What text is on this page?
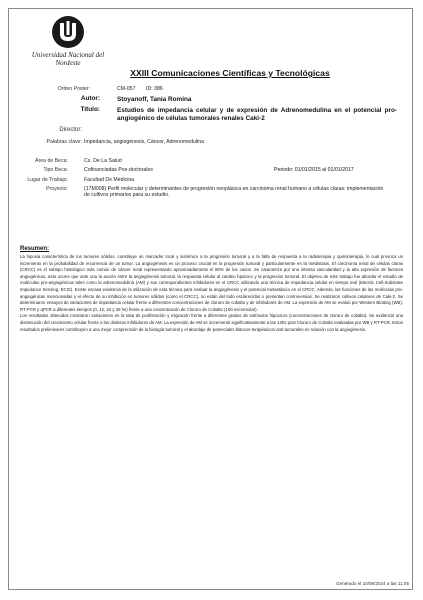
Universidad Nacional del Nordeste
XXIII Comunicaciones Científicas y Tecnológicas
Orden Poster:	CM-057 ID: 386
Autor:	Stoyanoff, Tania Romina
Título:	Estudios de impedancia celular y de expresión de Adrenomedulina en el potencial pro-angiogénico de células tumorales renales Caki-2
Director:
Palabras clave: Impedancia, angiogénesis, Cáncer, Adrenomedulina
Área de Beca:	Cs. De La Salud
Tipo Beca:	Cofinanciadas Pos-doctorales	Periodo: 01/01/2015 al 01/01/2017
Lugar de Trabajo:	Facultad De Medicina
Proyecto:	(17M008) Perfil molecular y determinantes de progresión neoplásica en carcinoma renal humano a células claras: implementación de cultivos primarios para su estudio.
Resumen:

La hipoxia característica de los tumores sólidos, constituye un marcador local y sistémico a la progresión tumoral y a la falta de respuesta a la radioterapia y quimioterapia, lo cual provoca un incremento en la probabilidad de recurrencia de un tumor. La angiogénesis es un proceso crucial en la progresión tumoral y particularmente en la metástasis. El carcinoma renal de células claras (CRCC) es el subtipo histológico más común de cáncer renal representando aproximadamente el 80% de los casos. Se caracteriza por una intensa vascularidad y la alta expresión de factores angiogénicos, esto ocurre que ante una la acción entre la angiogénesis tumoral, la respuesta celular al cambio hipóxico y la progresión tumoral. El objetivo de este trabajo fue abordar el estudio de moléculas pro-angiogénicas tales como la adrenomedulina (AM) y sus correspondientes inhibidores en el CRCC utilizando una técnica de impedancia celular en tiempo real (Electric Cell-Substrate Impedance Sensing, ECIS). Existe escasa evidencia de la utilización de esta técnica para evaluar la angiogénesis y el potencial metastásico en el CRCC. Además, las funciones de las moléculas pro-angiogénicas mencionadas y el efecto de su inhibición en tumores sólidos (como el CRCC), no están del todo esclarecidas o presentan controversias. Se realizaron cultivos celulares de Caki-2. Se determinaron ensayos de variaciones de impedancia celular frente a diferentes concentraciones de cloruro de cobalto y de inhibidores de AM. La expresión de AM se evaluó por Western Blotting (WB), RT-PCR y qPCR a diferentes tiempos (0, 12, 24 y 36 hs) frente a una concentración de Cloruro de Cobalto (100 micromolar).

Los resultados obtenidos mostraron variaciones en la tasa de proliferación y migración frente a diferentes grados de estímulos hipóxicos (concentraciones de cloruro de cobalto). Se evidenció una disminución del crecimiento celular frente a los distintos inhibidores de AM. La expresión de AM se incrementó significativamente a las 12hs post Cloruro de Cobalto evaluadas por WB y RT-PCR. Estos resultados preliminares contribuyen a una mejor comprensión de la biología tumoral y el abordaje de potenciales blancos terapéuticos anti-tumorales en relación con la angiogénesis.

Generado el 10/06/2024 a las 11:05
